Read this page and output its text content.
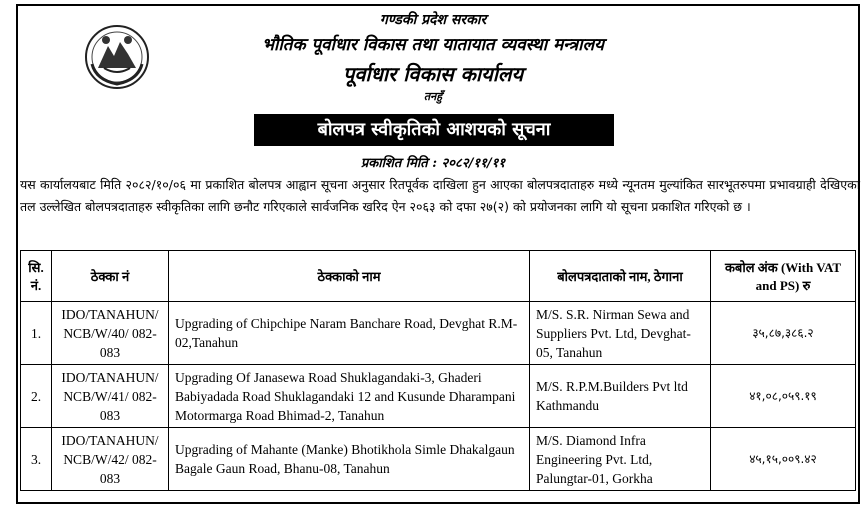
गण्डकी प्रदेश सरकार
भौतिक पूर्वाधार विकास तथा यातायात व्यवस्था मन्त्रालय
पूर्वाधार विकास कार्यालय
तनहुँ
बोलपत्र स्वीकृतिको आशयको सूचना
प्रकाशित मिति : २०८२/११/११
यस कार्यालयबाट मिति २०८२/१०/०६ मा प्रकाशित बोलपत्र आह्वान सूचना अनुसार रितपूर्वक दाखिला हुन आएका बोलपत्रदाताहरु मध्ये न्यूनतम मुल्यांकित सारभूतरुपमा प्रभावग्राही देखिएका तल उल्लेखित बोलपत्रदाताहरु स्वीकृतिका लागि छनौट गरिएकाले सार्वजनिक खरिद ऐन २०६३ को दफा २७(२) को प्रयोजनका लागि यो सूचना प्रकाशित गरिएको छ ।
सि. नं.	ठेक्का नं	ठेक्काको नाम	बोलपत्रदाताको नाम, ठेगाना	कबोल अंक (With VAT and PS) रु
1.	IDO/TANAHUN/ NCB/W/40/ 082-083	Upgrading of Chipchipe Naram Banchare Road, Devghat R.M-02,Tanahun	M/S. S.R. Nirman Sewa and Suppliers Pvt. Ltd, Devghat-05, Tanahun	३५,८७,३८६.२
2.	IDO/TANAHUN/ NCB/W/41/ 082-083	Upgrading Of Janasewa Road Shuklagandaki-3, Ghaderi Babiyadada Road Shuklagandaki 12 and Kusunde Dharampani Motormarga Road Bhimad-2, Tanahun	M/S. R.P.M.Builders Pvt ltd Kathmandu	४१,०८,०५९.१९
3.	IDO/TANAHUN/ NCB/W/42/ 082-083	Upgrading of Mahante (Manke) Bhotikhola Simle Dhakalgaun Bagale Gaun Road, Bhanu-08, Tanahun	M/S. Diamond Infra Engineering Pvt. Ltd, Palungtar-01, Gorkha	४५,१५,००९.४२
